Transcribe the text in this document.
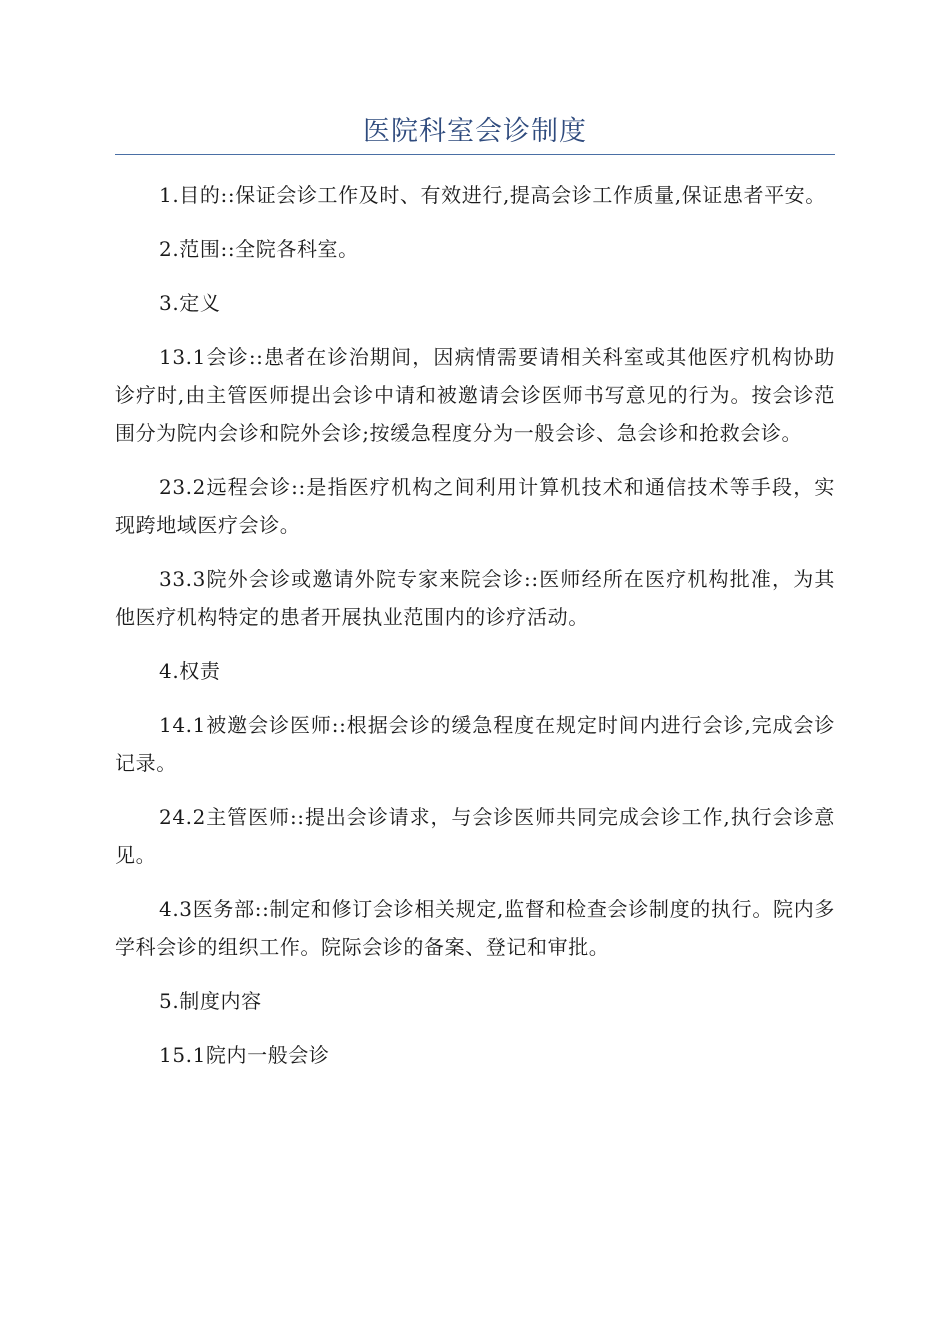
医院科室会诊制度

1.目的::保证会诊工作及时、有效进行,提高会诊工作质量,保证患者平安。

2.范围::全院各科室。

3.定义

13.1会诊::患者在诊治期间，因病情需要请相关科室或其他医疗机构协助诊疗时,由主管医师提出会诊中请和被邀请会诊医师书写意见的行为。按会诊范围分为院内会诊和院外会诊;按缓急程度分为一般会诊、急会诊和抢救会诊。

23.2远程会诊::是指医疗机构之间利用计算机技术和通信技术等手段，实现跨地域医疗会诊。

33.3院外会诊或邀请外院专家来院会诊::医师经所在医疗机构批准，为其他医疗机构特定的患者开展执业范围内的诊疗活动。

4.权责

14.1被邀会诊医师::根据会诊的缓急程度在规定时间内进行会诊,完成会诊记录。

24.2主管医师::提出会诊请求，与会诊医师共同完成会诊工作,执行会诊意见。

4.3医务部::制定和修订会诊相关规定,监督和检查会诊制度的执行。院内多学科会诊的组织工作。院际会诊的备案、登记和审批。

5.制度内容

15.1院内一般会诊
